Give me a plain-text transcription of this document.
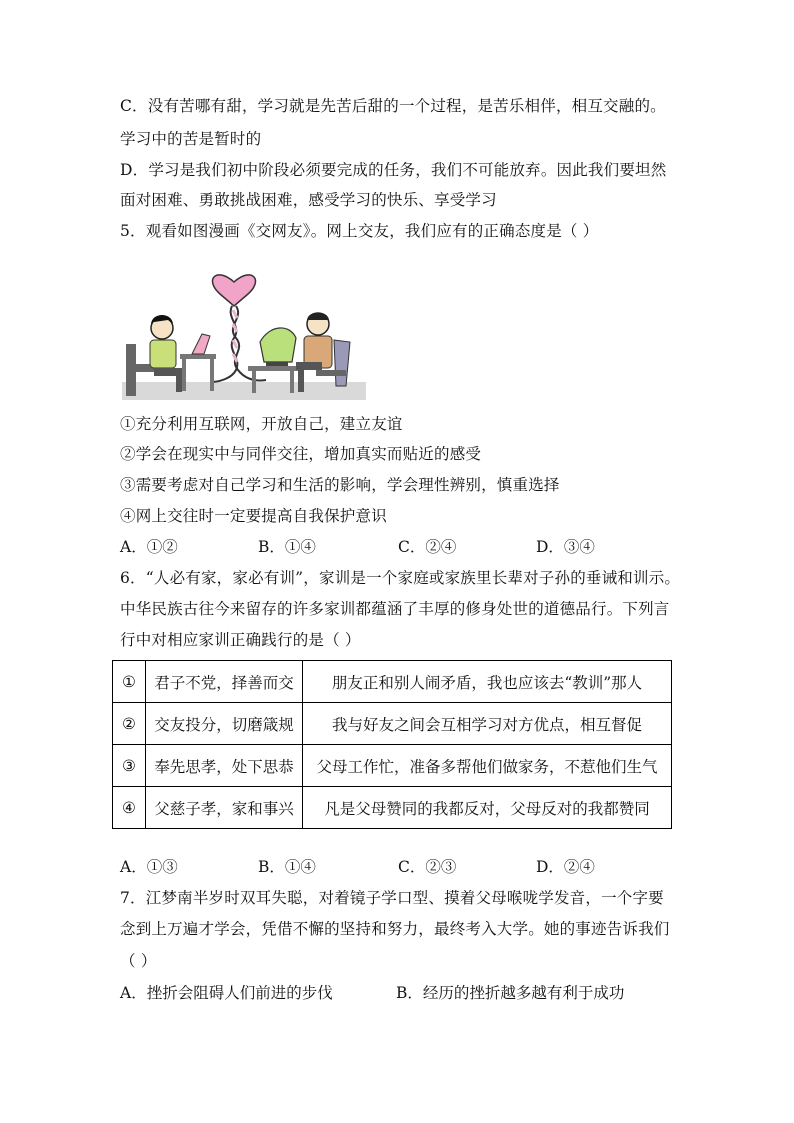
C．没有苦哪有甜，学习就是先苦后甜的一个过程，是苦乐相伴，相互交融的。
学习中的苦是暂时的
D．学习是我们初中阶段必须要完成的任务，我们不可能放弃。因此我们要坦然
面对困难、勇敢挑战困难，感受学习的快乐、享受学习
5．观看如图漫画《交网友》。网上交友，我们应有的正确态度是（ ）
①充分利用互联网，开放自己，建立友谊
②学会在现实中与同伴交往，增加真实而贴近的感受
③需要考虑对自己学习和生活的影响，学会理性辨别，慎重选择
④网上交往时一定要提高自我保护意识
A．①②	B．①④	C．②④	D．③④
6．“人必有家，家必有训”，家训是一个家庭或家族里长辈对子孙的垂诫和训示。
中华民族古往今来留存的许多家训都蕴涵了丰厚的修身处世的道德品行。下列言
行中对相应家训正确践行的是（ ）
①	君子不党，择善而交	朋友正和别人闹矛盾，我也应该去“教训”那人
②	交友投分，切磨箴规	我与好友之间会互相学习对方优点，相互督促
③	奉先思孝，处下思恭	父母工作忙，准备多帮他们做家务，不惹他们生气
④	父慈子孝，家和事兴	凡是父母赞同的我都反对，父母反对的我都赞同
A．①③	B．①④	C．②③	D．②④
7．江梦南半岁时双耳失聪，对着镜子学口型、摸着父母喉咙学发音，一个字要
念到上万遍才学会，凭借不懈的坚持和努力，最终考入大学。她的事迹告诉我们
（ ）
A．挫折会阻碍人们前进的步伐	B．经历的挫折越多越有利于成功
